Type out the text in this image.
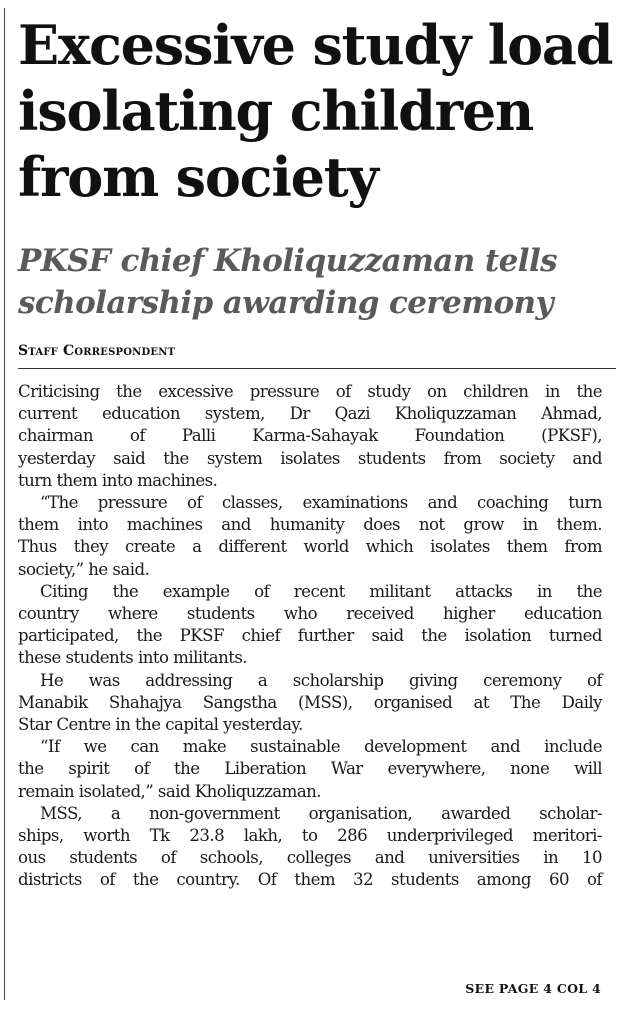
Excessive study load
isolating children
from society
PKSF chief Kholiquzzaman tells
scholarship awarding ceremony
Staff Correspondent
Criticising the excessive pressure of study on children in the
current education system, Dr Qazi Kholiquzzaman Ahmad,
chairman of Palli Karma-Sahayak Foundation (PKSF),
yesterday said the system isolates students from society and
turn them into machines.
“The pressure of classes, examinations and coaching turn
them into machines and humanity does not grow in them.
Thus they create a different world which isolates them from
society,” he said.
Citing the example of recent militant attacks in the
country where students who received higher education
participated, the PKSF chief further said the isolation turned
these students into militants.
He was addressing a scholarship giving ceremony of
Manabik Shahajya Sangstha (MSS), organised at The Daily
Star Centre in the capital yesterday.
“If we can make sustainable development and include
the spirit of the Liberation War everywhere, none will
remain isolated,” said Kholiquzzaman.
MSS, a non-government organisation, awarded scholar-
ships, worth Tk 23.8 lakh, to 286 underprivileged meritori-
ous students of schools, colleges and universities in 10
districts of the country. Of them 32 students among 60 of
SEE PAGE 4 COL 4
